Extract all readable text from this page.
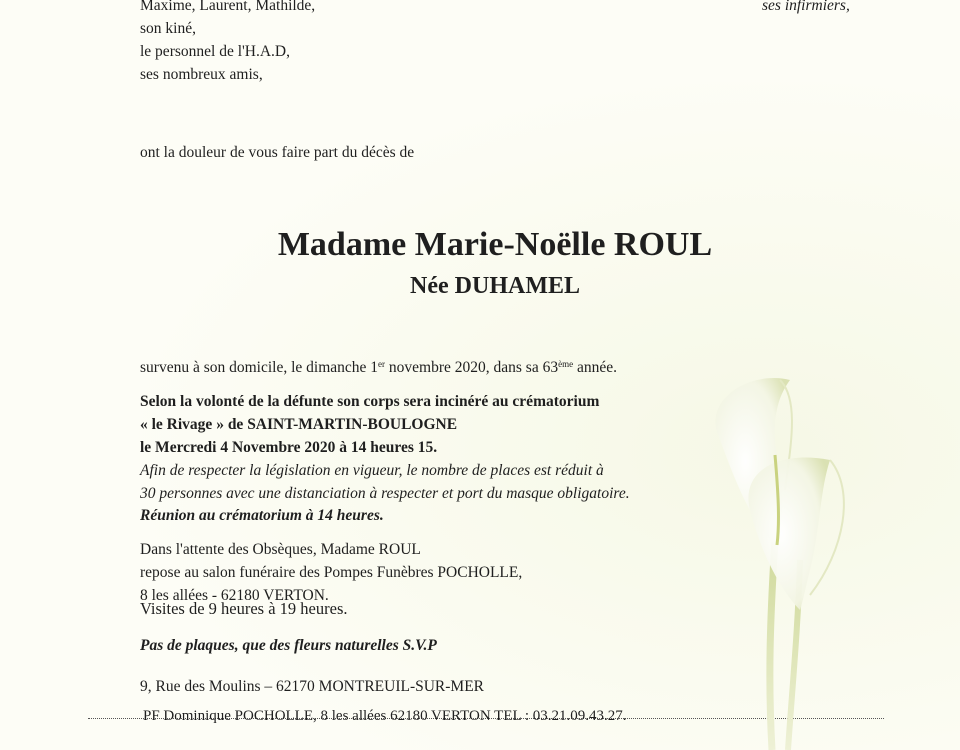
Maxime, Laurent, Mathilde,
son kiné,
le personnel de l'H.A.D,
ses nombreux amis,
ses infirmiers,
ont la douleur de vous faire part du décès de
Madame Marie-Noëlle ROUL
Née DUHAMEL
survenu à son domicile, le dimanche 1er novembre 2020, dans sa 63ème année.
Selon la volonté de la défunte son corps sera incinéré au crématorium
« le Rivage » de SAINT-MARTIN-BOULOGNE
le Mercredi 4 Novembre 2020 à 14 heures 15.
Afin de respecter la législation en vigueur, le nombre de places est réduit à
30 personnes avec une distanciation à respecter et port du masque obligatoire.
Réunion au crématorium à 14 heures.
Dans l'attente des Obsèques, Madame ROUL
repose au salon funéraire des Pompes Funèbres POCHOLLE,
8 les allées - 62180 VERTON.
Visites de 9 heures à 19 heures.
Pas de plaques, que des fleurs naturelles S.V.P
9, Rue des Moulins – 62170 MONTREUIL-SUR-MER
PF Dominique POCHOLLE, 8 les allées 62180 VERTON TEL : 03.21.09.43.27.
